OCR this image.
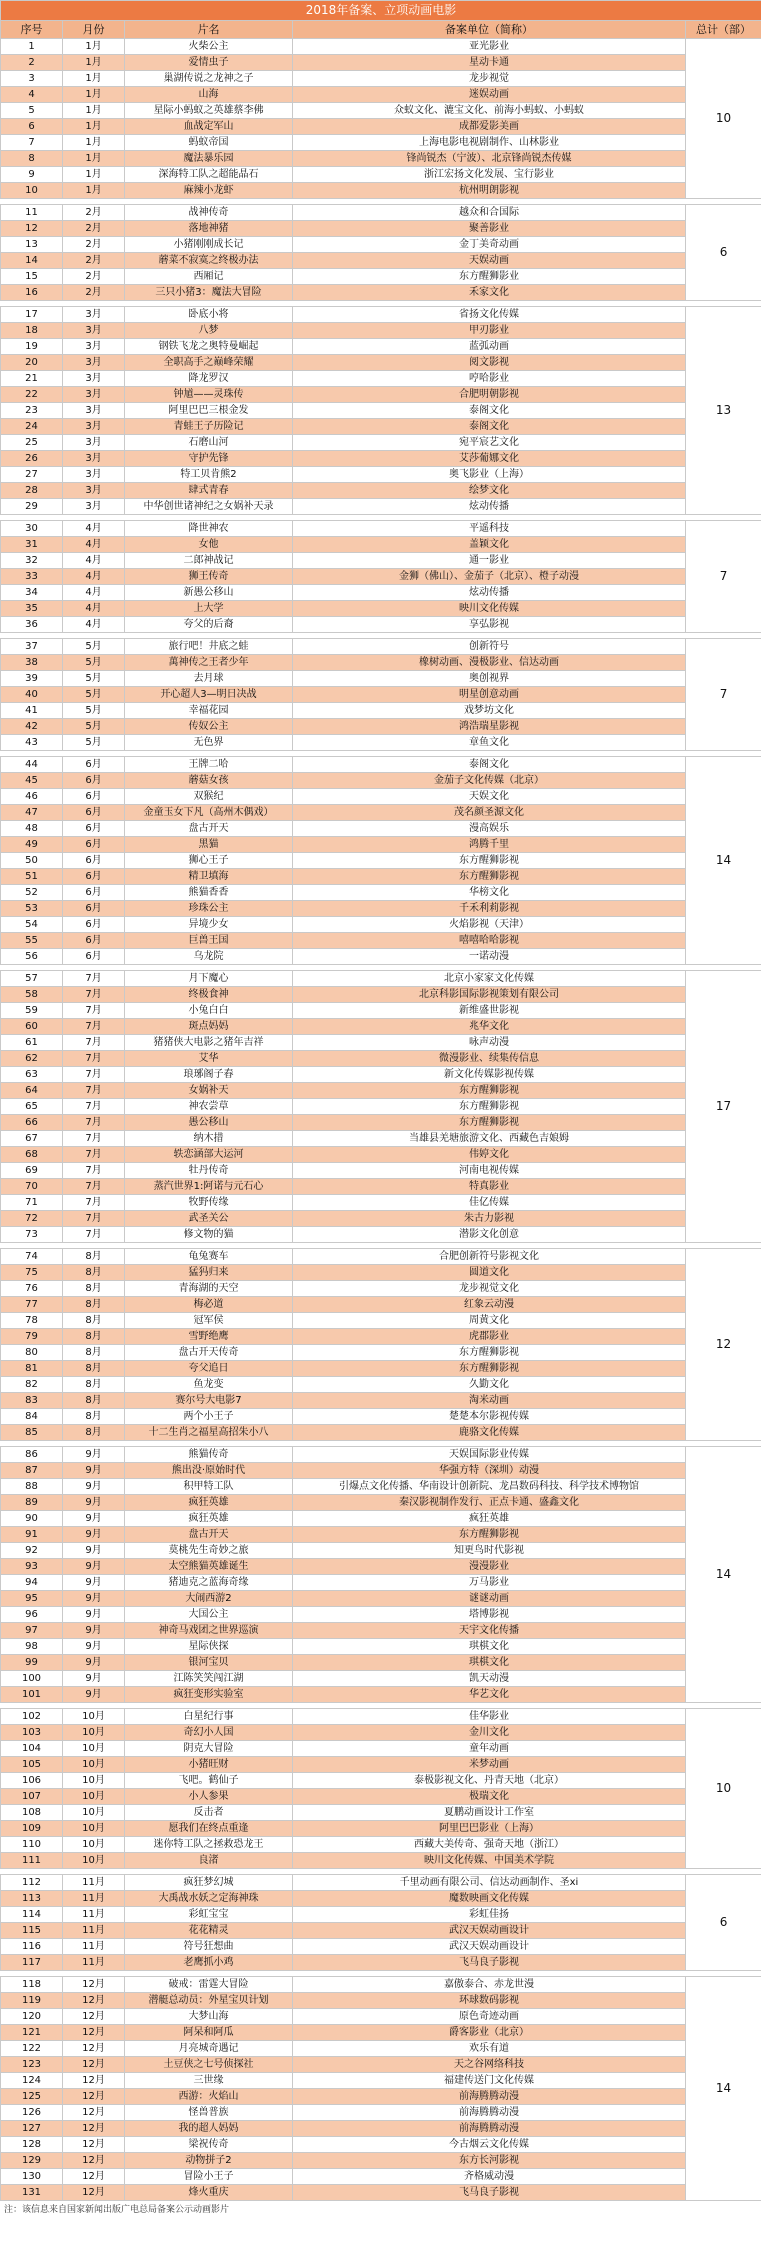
2018年备案、立项动画电影				
序号	月份	片名	备案单位（简称）	总计（部）
1	1月	火柴公主	亚光影业	10
2	1月	爱情虫子	星动卡通	
3	1月	巢湖传说之龙神之子	龙步视觉	
4	1月	山海	迷娱动画	
5	1月	星际小蚂蚁之英雄蔡李佛	众蚁文化、漉宝文化、前海小蚂蚁、小蚂蚁	
6	1月	血战定军山	成都爱影美画	
7	1月	蚂蚁帝国	上海电影电视剧制作、山林影业	
8	1月	魔法暴乐园	锋尚锐杰（宁波）、北京锋尚锐杰传媒	
9	1月	深海特工队之超能晶石	浙江宏扬文化发展、宝行影业	
10	1月	麻辣小龙虾	杭州明朗影视	

11	2月	战神传奇	越众和合国际	6
12	2月	落地神猪	聚善影业	
13	2月	小猪刚刚成长记	金丁美奇动画	
14	2月	蘑菜不寂寞之终极办法	天娱动画	
15	2月	西厢记	东方醒狮影业	
16	2月	三只小猪3：魔法大冒险	禾家文化	

17	3月	卧底小将	省扬文化传媒	13
18	3月	八梦	甲刃影业	
19	3月	钢铁飞龙之奥特曼崛起	蓝弧动画	
20	3月	全职高手之巅峰荣耀	阅文影视	
21	3月	降龙罗汉	哼哈影业	
22	3月	钟馗——灵珠传	合肥明朝影视	
23	3月	阿里巴巴三根金发	泰阁文化	
24	3月	青蛙王子历险记	泰阁文化	
25	3月	石磨山河	宛平宸艺文化	
26	3月	守护先锋	艾莎葡娜文化	
27	3月	特工贝肯熊2	奥飞影业（上海）	
28	3月	肆式青春	绘梦文化	
29	3月	中华创世诸神纪之女娲补天录	炫动传播	

30	4月	降世神农	平遥科技	7
31	4月	女他	盖颖文化	
32	4月	二郎神战记	通一影业	
33	4月	狮王传奇	金狮（佛山）、金茄子（北京）、橙子动漫	
34	4月	新愚公移山	炫动传播	
35	4月	上大学	映川文化传媒	
36	4月	夸父的后裔	享弘影视	

37	5月	旅行吧！井底之蛙	创新符号	7
38	5月	萬神传之王者少年	橡树动画、漫极影业、信达动画	
39	5月	去月球	奥创视界	
40	5月	开心超人3—明日决战	明星创意动画	
41	5月	幸福花园	戏梦坊文化	
42	5月	传奴公主	鸿浩瑞星影视	
43	5月	无色界	章鱼文化	

44	6月	王牌二哈	泰阁文化	14
45	6月	蘑菇女孩	金茄子文化传媒（北京）	
46	6月	双猴纪	天娱文化	
47	6月	金童玉女下凡（高州木偶戏）	茂名颜圣源文化	
48	6月	盘古开天	漫高娱乐	
49	6月	黑猫	鸿腾千里	
50	6月	狮心王子	东方醒狮影视	
51	6月	精卫填海	东方醒狮影视	
52	6月	熊猫香香	华榜文化	
53	6月	珍珠公主	千禾利莉影视	
54	6月	异境少女	火焰影视（天津）	
55	6月	巨兽王国	嘻嘻哈哈影视	
56	6月	乌龙院	一诺动漫	

57	7月	月下魔心	北京小家家文化传媒	17
58	7月	终极食神	北京科影国际影视策划有限公司	
59	7月	小兔白白	新维盛世影视	
60	7月	斑点妈妈	兆华文化	
61	7月	猪猪侠大电影之猪年吉祥	咏声动漫	
62	7月	艾华	微漫影业、续集传信息	
63	7月	琅琊阁子舂	新文化传媒影视传媒	
64	7月	女娲补天	东方醒狮影视	
65	7月	神农尝草	东方醒狮影视	
66	7月	愚公移山	东方醒狮影视	
67	7月	纳木措	当雄县羌塘旅游文化、西藏色吉娘姆	
68	7月	轶恋涵部大运河	伟婷文化	
69	7月	牡丹传奇	河南电视传媒	
70	7月	蒸汽世界1:阿诺与元石心	特真影业	
71	7月	牧野传缘	佳亿传媒	
72	7月	武圣关公	朱古力影视	
73	7月	修文物的猫	潜影文化创意	

74	8月	龟兔赛车	合肥创新符号影视文化	12
75	8月	猛犸归来	圆道文化	
76	8月	青海湖的天空	龙步视觉文化	
77	8月	梅必道	红象云动漫	
78	8月	冠军侯	周黄文化	
79	8月	雪野绝鹰	虎郡影业	
80	8月	盘古开天传奇	东方醒狮影视	
81	8月	夸父追日	东方醒狮影视	
82	8月	鱼龙变	久勤文化	
83	8月	赛尔号大电影7	淘米动画	
84	8月	两个小王子	楚楚本尔影视传媒	
85	8月	十二生肖之福星高招朱小八	鹿骆文化传媒	

86	9月	熊猫传奇	天娱国际影业传媒	14
87	9月	熊出没·原始时代	华强方特（深圳）动漫	
88	9月	积甲特工队	引爆点文化传播、华南设计创新院、龙昌数码科技、科学技术博物馆	
89	9月	疯狂英雄	秦汉影视制作发行、正点卡通、盛鑫文化	
90	9月	疯狂英雄	疯狂英雄	
91	9月	盘古开天	东方醒狮影视	
92	9月	莫桃先生奇妙之旅	知更鸟时代影视	
93	9月	太空熊猫英雄诞生	漫漫影业	
94	9月	猪迪克之蓝海奇缘	万马影业	
95	9月	大闹西游2	谜谜动画	
96	9月	大国公主	塔博影视	
97	9月	神奇马戏团之世界巡演	天宇文化传播	
98	9月	星际侠探	琪棋文化	
99	9月	银河宝贝	琪棋文化	
100	9月	江陈笑笑闯江湖	凯天动漫	
101	9月	疯狂变形实验室	华艺文化	

102	10月	白星纪行事	佳华影业	10
103	10月	奇幻小人国	金川文化	
104	10月	阴克大冒险	童年动画	
105	10月	小猪旺财	米梦动画	
106	10月	飞吧。鹤仙子	泰极影视文化、丹青天地（北京）	
107	10月	小人参果	极瑞文化	
108	10月	反击者	夏鹏动画设计工作室	
109	10月	愿我们在终点重逢	阿里巴巴影业（上海）	
110	10月	迷你特工队之拯救恐龙王	西藏大美传奇、强奇天地（浙江）	
111	10月	良渚	映川文化传媒、中国美术学院	

112	11月	疯狂梦幻城	千里动画有限公司、信达动画制作、圣xi	6
113	11月	大禹战水妖之定海神珠	魔数映画文化传媒	
114	11月	彩虹宝宝	彩虹佳扬	
115	11月	花花精灵	武汉天娱动画设计	
116	11月	符号狂想曲	武汉天娱动画设计	
117	11月	老鹰抓小鸡	飞马良子影视	

118	12月	破戒：雷霆大冒险	嘉傲泰合、赤龙世漫	14
119	12月	潜艇总动员：外星宝贝计划	环球数码影视	
120	12月	大梦山海	原色奇迹动画	
121	12月	阿呆和阿瓜	爵客影业（北京）	
122	12月	月亮城奇遇记	欢乐有道	
123	12月	土豆侠之七号侦探社	天之谷网络科技	
124	12月	三世缘	福建传送门文化传媒	
125	12月	西游：火焰山	前海腾腾动漫	
126	12月	怪兽普族	前海腾腾动漫	
127	12月	我的超人妈妈	前海腾腾动漫	
128	12月	梁祝传奇	今古烟云文化传媒	
129	12月	动物拼子2	东方长河影视	
130	12月	冒险小王子	齐格威动漫	
131	12月	烽火重庆	飞马良子影视	
注：该信息来自国家新闻出版广电总局备案公示动画影片
